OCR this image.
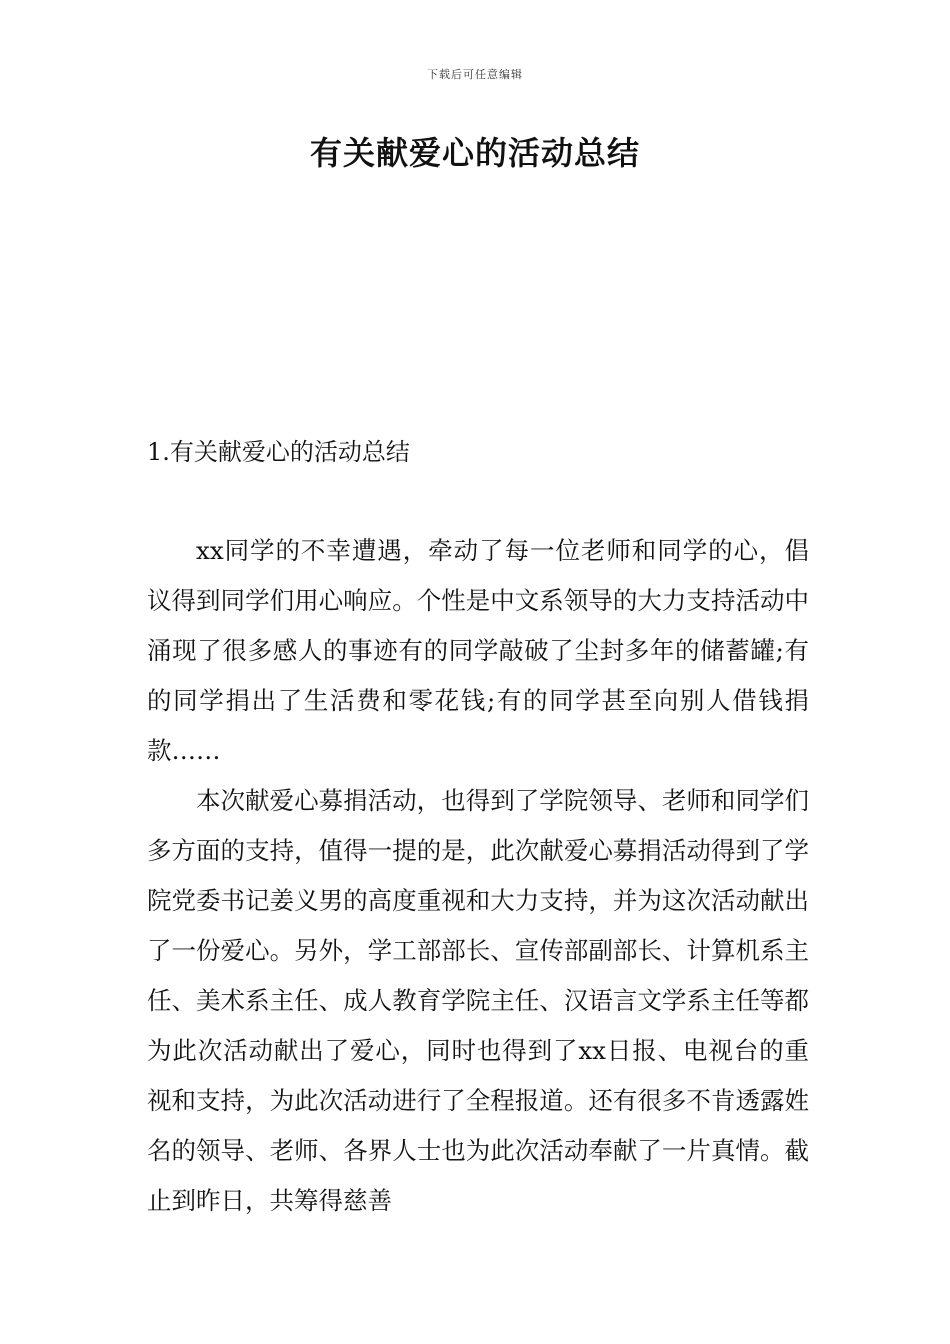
下载后可任意编辑
有关献爱心的活动总结
1.有关献爱心的活动总结

xx同学的不幸遭遇，牵动了每一位老师和同学的心，倡议得到同学们用心响应。个性是中文系领导的大力支持活动中涌现了很多感人的事迹有的同学敲破了尘封多年的储蓄罐;有的同学捐出了生活费和零花钱;有的同学甚至向别人借钱捐款……

本次献爱心募捐活动，也得到了学院领导、老师和同学们多方面的支持，值得一提的是，此次献爱心募捐活动得到了学院党委书记姜义男的高度重视和大力支持，并为这次活动献出了一份爱心。另外，学工部部长、宣传部副部长、计算机系主任、美术系主任、成人教育学院主任、汉语言文学系主任等都为此次活动献出了爱心，同时也得到了xx日报、电视台的重视和支持，为此次活动进行了全程报道。还有很多不肯透露姓名的领导、老师、各界人士也为此次活动奉献了一片真情。截止到昨日，共筹得慈善
